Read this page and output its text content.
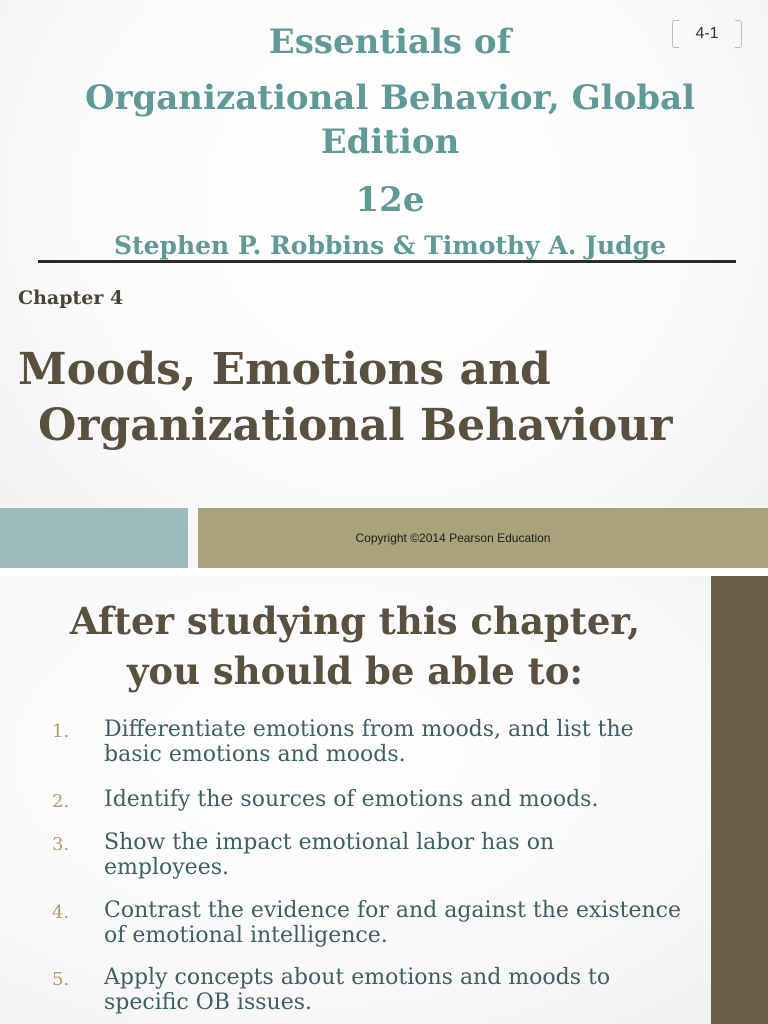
4-1
Essentials of
Organizational Behavior, Global
Edition
12e
Stephen P. Robbins & Timothy A. Judge

Chapter 4

Moods, Emotions and
Organizational Behaviour
Copyright ©2014 Pearson Education
After studying this chapter,
you should be able to:
1. Differentiate emotions from moods, and list the basic emotions and moods.
2. Identify the sources of emotions and moods.
3. Show the impact emotional labor has on employees.
4. Contrast the evidence for and against the existence of emotional intelligence.
5. Apply concepts about emotions and moods to specific OB issues.
